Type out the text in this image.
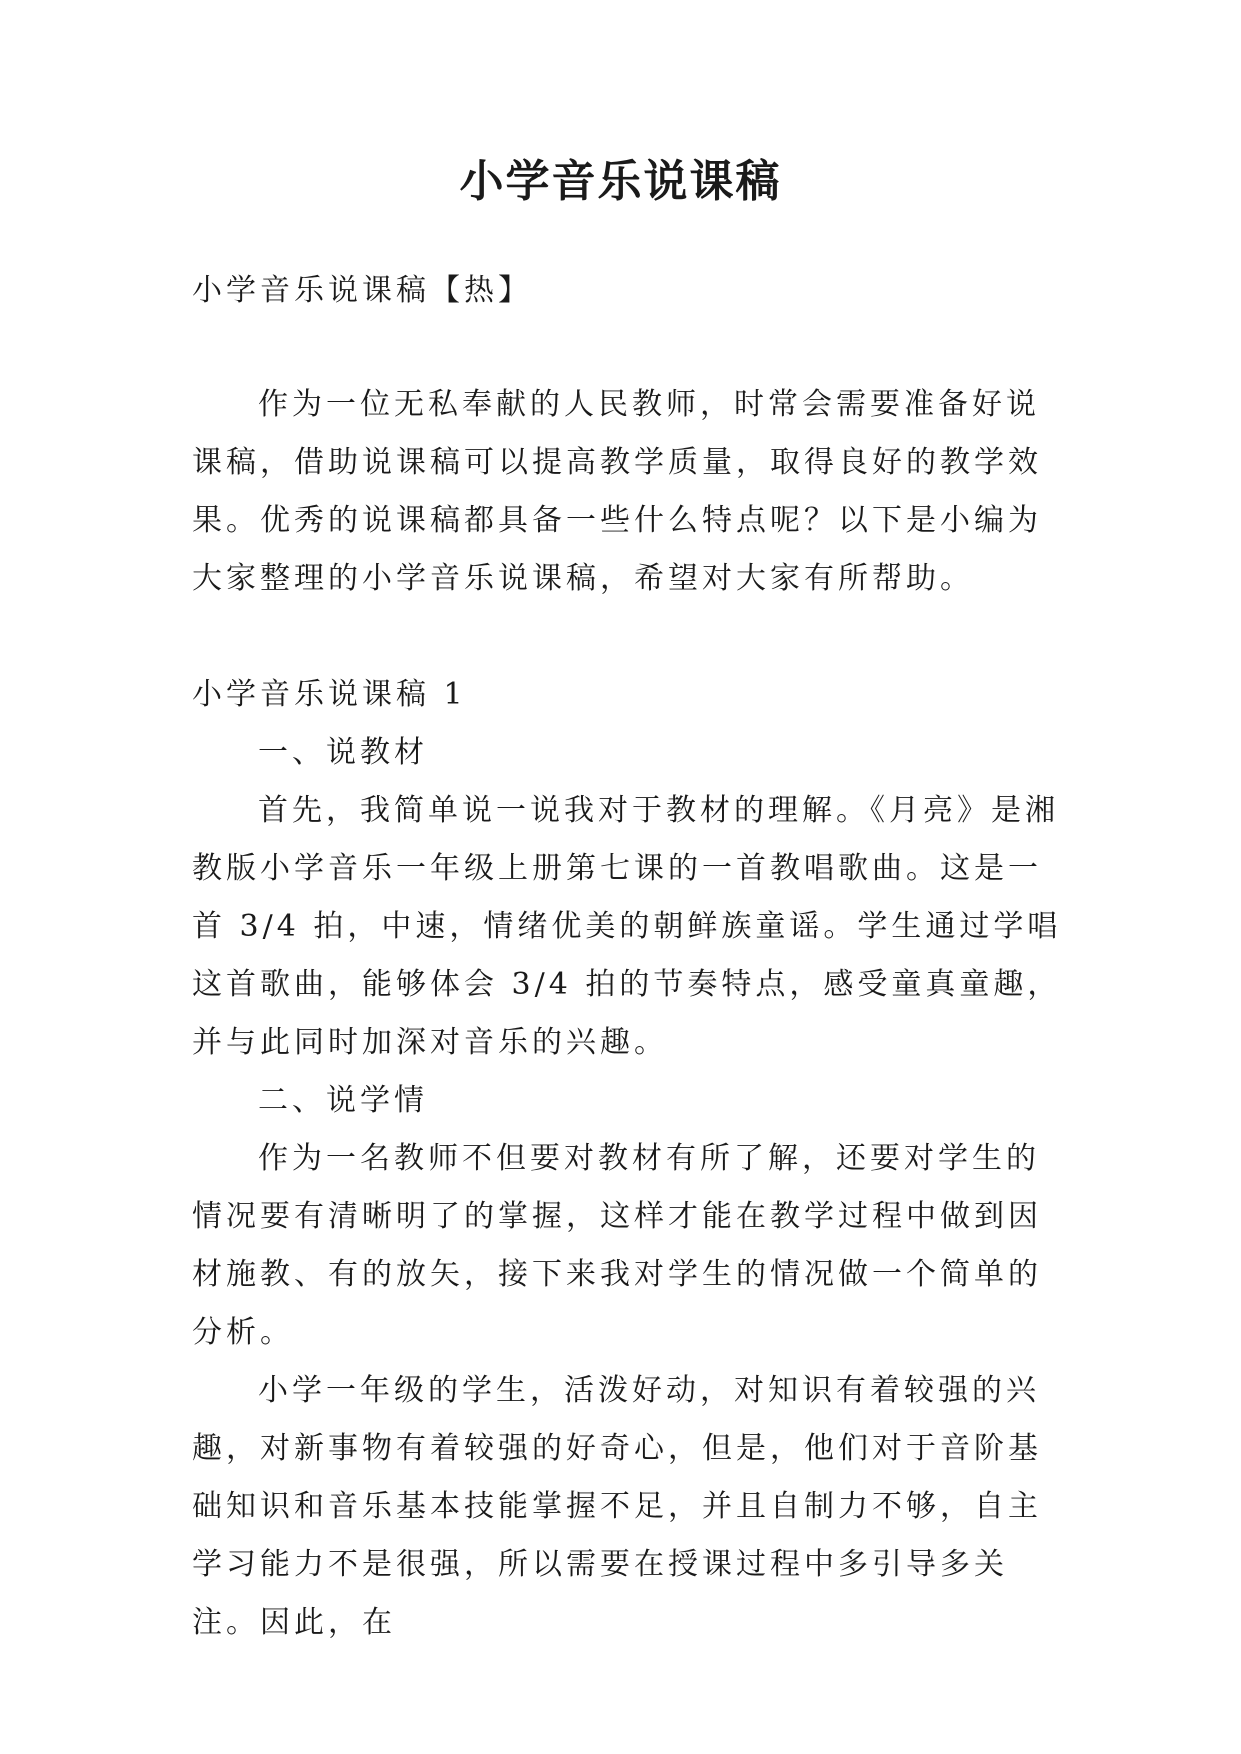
小学音乐说课稿

小学音乐说课稿【热】

作为一位无私奉献的人民教师，时常会需要准备好说课稿，借助说课稿可以提高教学质量，取得良好的教学效果。优秀的说课稿都具备一些什么特点呢？以下是小编为大家整理的小学音乐说课稿，希望对大家有所帮助。

小学音乐说课稿 1

一、说教材

首先，我简单说一说我对于教材的理解。《月亮》是湘教版小学音乐一年级上册第七课的一首教唱歌曲。这是一首 3/4 拍，中速，情绪优美的朝鲜族童谣。学生通过学唱这首歌曲，能够体会 3/4 拍的节奏特点，感受童真童趣，并与此同时加深对音乐的兴趣。

二、说学情

作为一名教师不但要对教材有所了解，还要对学生的情况要有清晰明了的掌握，这样才能在教学过程中做到因材施教、有的放矢，接下来我对学生的情况做一个简单的分析。

小学一年级的学生，活泼好动，对知识有着较强的兴趣，对新事物有着较强的好奇心，但是，他们对于音阶基础知识和音乐基本技能掌握不足，并且自制力不够，自主学习能力不是很强，所以需要在授课过程中多引导多关注。因此，在
